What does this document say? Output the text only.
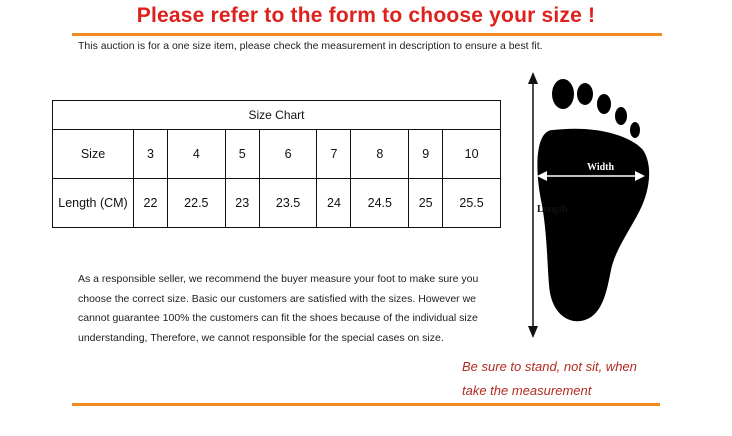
Please refer to the form to choose your size !
This auction is for a one size item, please check the measurement in description to ensure a best fit.
Size Chart								
Size	3	4	5	6	7	8	9	10
Length (CM)	22	22.5	23	23.5	24	24.5	25	25.5
As a responsible seller, we recommend the buyer measure your foot to make sure you
choose the correct size. Basic our customers are satisfied with the sizes. However we
cannot guarantee 100% the customers can fit the shoes because of the individual size
understanding, Therefore, we cannot responsible for the special cases on size.
Width
Length
Be sure to stand, not sit, when
take the measurement
